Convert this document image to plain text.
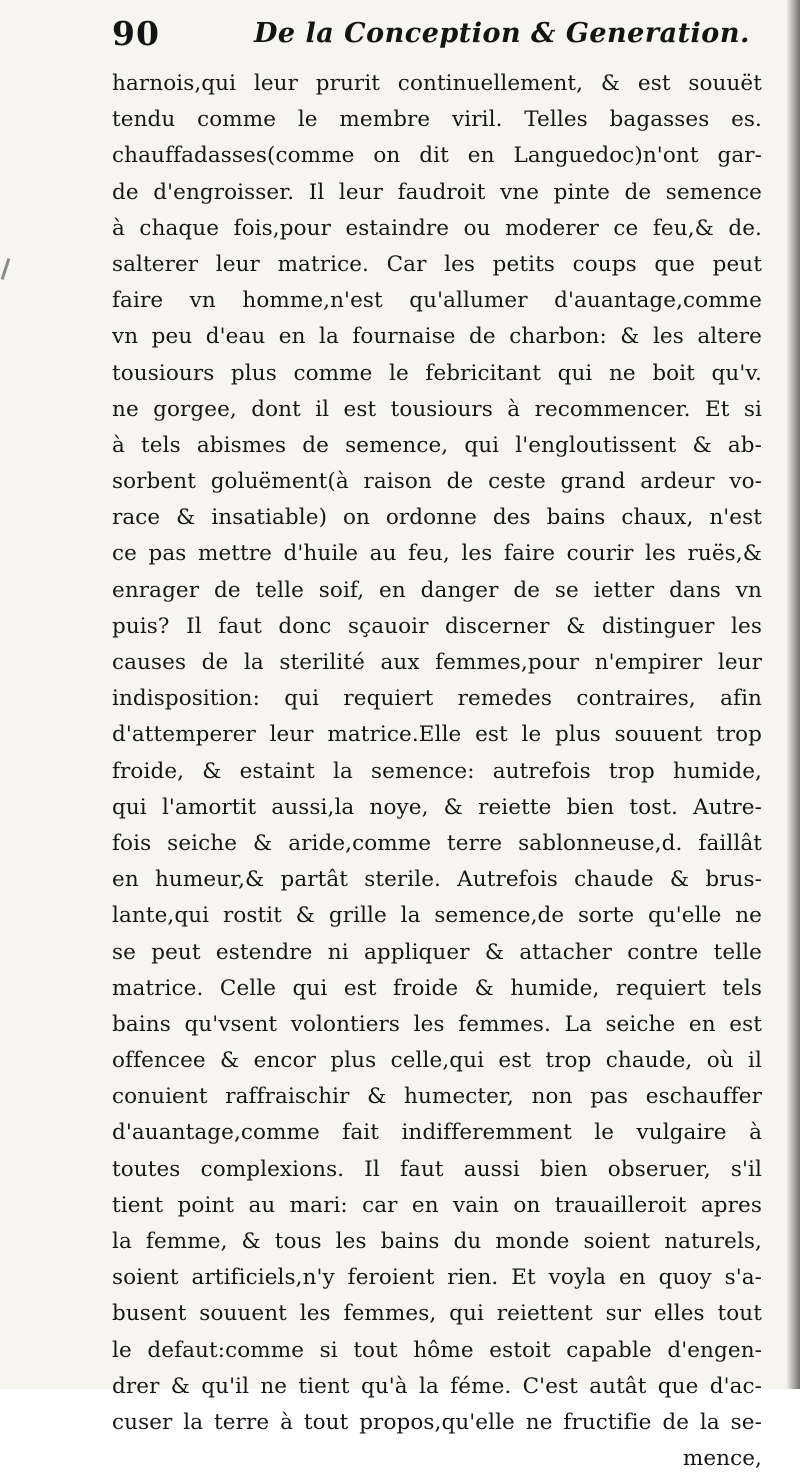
90	De la Conception & Generation.
harnois,qui leur prurit continuellement, & est souuët
tendu comme le membre viril. Telles bagasses es.
chauffadasses(comme on dit en Languedoc)n'ont gar-
de d'engroisser. Il leur faudroit vne pinte de semence
à chaque fois,pour estaindre ou moderer ce feu,& de.
salterer leur matrice. Car les petits coups que peut
faire vn homme,n'est qu'allumer d'auantage,comme
vn peu d'eau en la fournaise de charbon: & les altere
tousiours plus comme le febricitant qui ne boit qu'v.
ne gorgee, dont il est tousiours à recommencer. Et si
à tels abismes de semence, qui l'engloutissent & ab-
sorbent goluëment(à raison de ceste grand ardeur vo-
race & insatiable) on ordonne des bains chaux, n'est
ce pas mettre d'huile au feu, les faire courir les ruës,&
enrager de telle soif, en danger de se ietter dans vn
puis? Il faut donc sçauoir discerner & distinguer les
causes de la sterilité aux femmes,pour n'empirer leur
indisposition: qui requiert remedes contraires, afin
d'attemperer leur matrice.Elle est le plus souuent trop
froide, & estaint la semence: autrefois trop humide,
qui l'amortit aussi,la noye, & reiette bien tost. Autre-
fois seiche & aride,comme terre sablonneuse,d. faillât
en humeur,& partât sterile. Autrefois chaude & brus-
lante,qui rostit & grille la semence,de sorte qu'elle ne
se peut estendre ni appliquer & attacher contre telle
matrice. Celle qui est froide & humide, requiert tels
bains qu'vsent volontiers les femmes. La seiche en est
offencee & encor plus celle,qui est trop chaude, où il
conuient raffraischir & humecter, non pas eschauffer
d'auantage,comme fait indifferemment le vulgaire à
toutes complexions. Il faut aussi bien obseruer, s'il
tient point au mari: car en vain on trauailleroit apres
la femme, & tous les bains du monde soient naturels,
soient artificiels,n'y feroient rien. Et voyla en quoy s'a-
busent souuent les femmes, qui reiettent sur elles tout
le defaut:comme si tout hôme estoit capable d'engen-
drer & qu'il ne tient qu'à la féme. C'est autât que d'ac-
cuser la terre à tout propos,qu'elle ne fructifie de la se-
mence,
